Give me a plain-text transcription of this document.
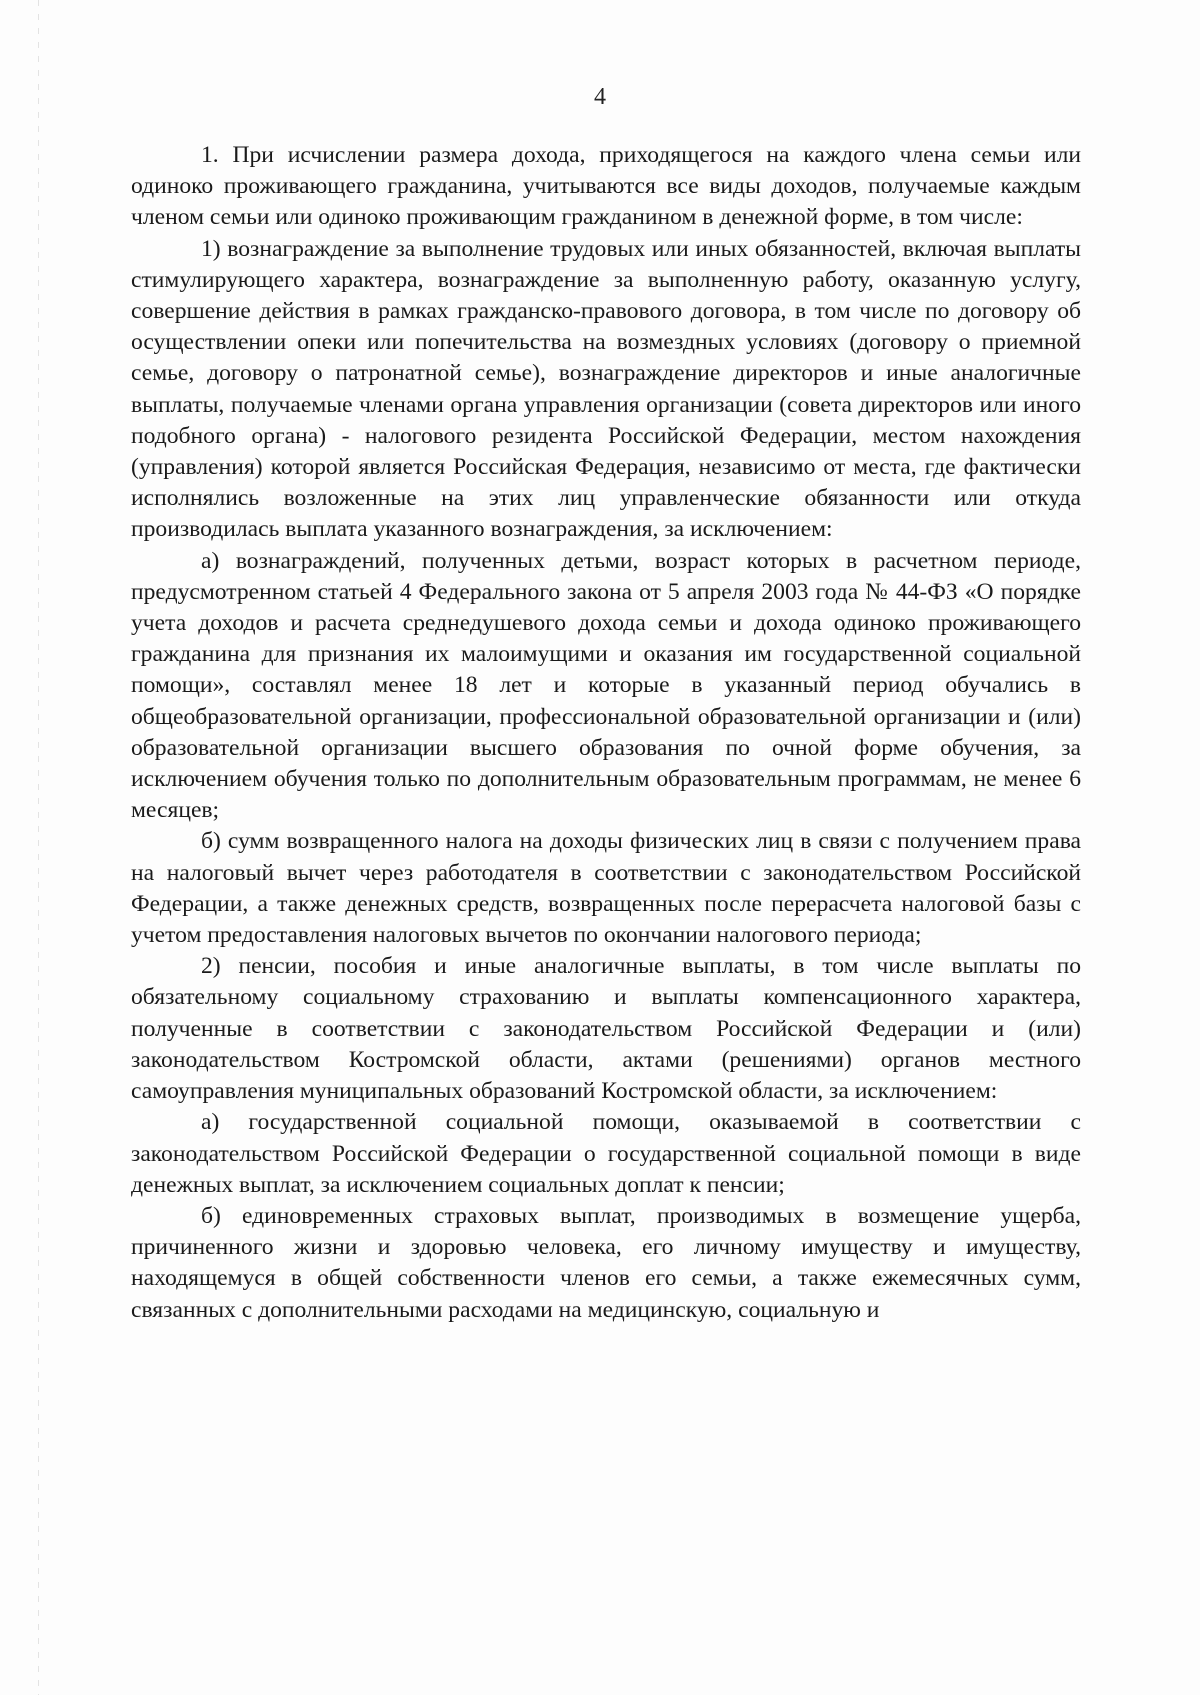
4

1. При исчислении размера дохода, приходящегося на каждого члена семьи или одиноко проживающего гражданина, учитываются все виды доходов, получаемые каждым членом семьи или одиноко проживающим гражданином в денежной форме, в том числе:

1) вознаграждение за выполнение трудовых или иных обязанностей, включая выплаты стимулирующего характера, вознаграждение за выполненную работу, оказанную услугу, совершение действия в рамках гражданско-правового договора, в том числе по договору об осуществлении опеки или попечительства на возмездных условиях (договору о приемной семье, договору о патронатной семье), вознаграждение директоров и иные аналогичные выплаты, получаемые членами органа управления организации (совета директоров или иного подобного органа) - налогового резидента Российской Федерации, местом нахождения (управления) которой является Российская Федерация, независимо от места, где фактически исполнялись возложенные на этих лиц управленческие обязанности или откуда производилась выплата указанного вознаграждения, за исключением:

а) вознаграждений, полученных детьми, возраст которых в расчетном периоде, предусмотренном статьей 4 Федерального закона от 5 апреля 2003 года № 44-ФЗ «О порядке учета доходов и расчета среднедушевого дохода семьи и дохода одиноко проживающего гражданина для признания их малоимущими и оказания им государственной социальной помощи», составлял менее 18 лет и которые в указанный период обучались в общеобразовательной организации, профессиональной образовательной организации и (или) образовательной организации высшего образования по очной форме обучения, за исключением обучения только по дополнительным образовательным программам, не менее 6 месяцев;

б) сумм возвращенного налога на доходы физических лиц в связи с получением права на налоговый вычет через работодателя в соответствии с законодательством Российской Федерации, а также денежных средств, возвращенных после перерасчета налоговой базы с учетом предоставления налоговых вычетов по окончании налогового периода;

2) пенсии, пособия и иные аналогичные выплаты, в том числе выплаты по обязательному социальному страхованию и выплаты компенсационного характера, полученные в соответствии с законодательством Российской Федерации и (или) законодательством Костромской области, актами (решениями) органов местного самоуправления муниципальных образований Костромской области, за исключением:

а) государственной социальной помощи, оказываемой в соответствии с законодательством Российской Федерации о государственной социальной помощи в виде денежных выплат, за исключением социальных доплат к пенсии;

б) единовременных страховых выплат, производимых в возмещение ущерба, причиненного жизни и здоровью человека, его личному имуществу и имуществу, находящемуся в общей собственности членов его семьи, а также ежемесячных сумм, связанных с дополнительными расходами на медицинскую, социальную и
